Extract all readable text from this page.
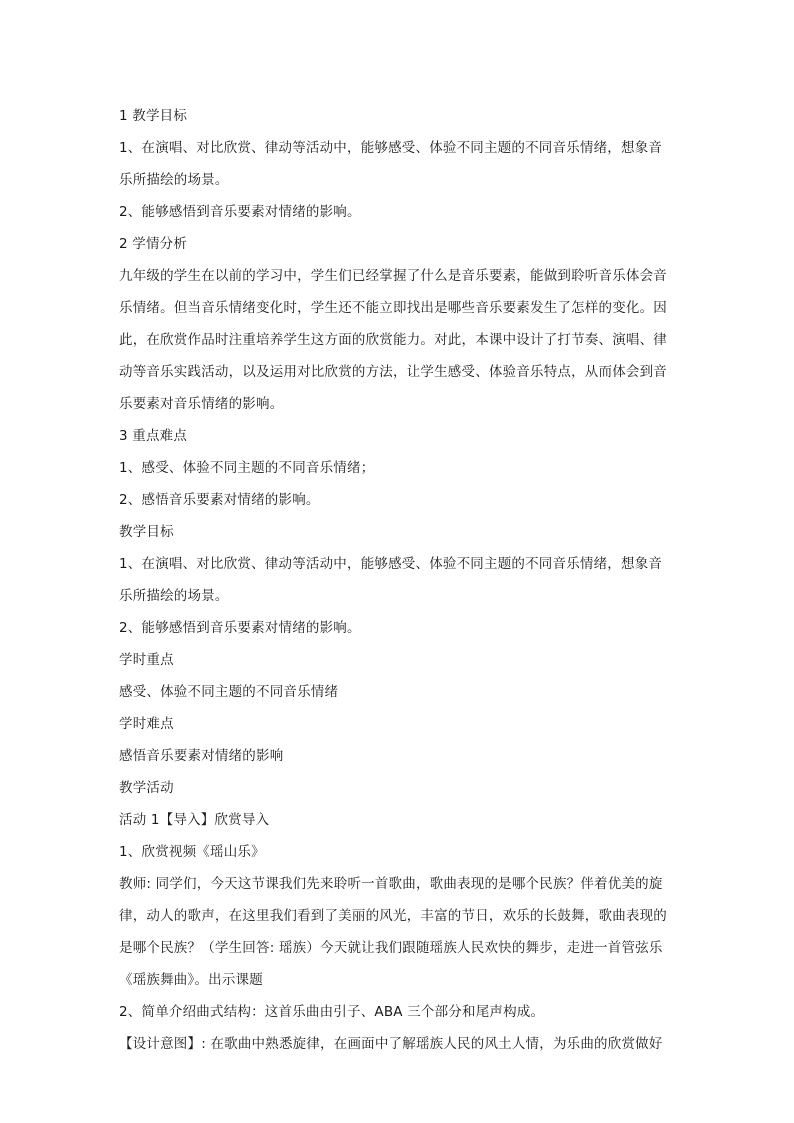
1 教学目标
1、在演唱、对比欣赏、律动等活动中，能够感受、体验不同主题的不同音乐情绪，想象音
乐所描绘的场景。
2、能够感悟到音乐要素对情绪的影响。
2 学情分析
九年级的学生在以前的学习中，学生们已经掌握了什么是音乐要素，能做到聆听音乐体会音
乐情绪。但当音乐情绪变化时，学生还不能立即找出是哪些音乐要素发生了怎样的变化。因
此，在欣赏作品时注重培养学生这方面的欣赏能力。对此，本课中设计了打节奏、演唱、律
动等音乐实践活动，以及运用对比欣赏的方法，让学生感受、体验音乐特点，从而体会到音
乐要素对音乐情绪的影响。
3 重点难点
1、感受、体验不同主题的不同音乐情绪；
2、感悟音乐要素对情绪的影响。
教学目标
1、在演唱、对比欣赏、律动等活动中，能够感受、体验不同主题的不同音乐情绪，想象音
乐所描绘的场景。
2、能够感悟到音乐要素对情绪的影响。
学时重点
感受、体验不同主题的不同音乐情绪
学时难点
感悟音乐要素对情绪的影响
教学活动
活动 1【导入】欣赏导入
1、欣赏视频《瑶山乐》
教师: 同学们，今天这节课我们先来聆听一首歌曲，歌曲表现的是哪个民族？伴着优美的旋
律，动人的歌声，在这里我们看到了美丽的风光，丰富的节日，欢乐的长鼓舞，歌曲表现的
是哪个民族？（学生回答: 瑶族）今天就让我们跟随瑶族人民欢快的舞步，走进一首管弦乐
《瑶族舞曲》。出示课题
2、简单介绍曲式结构：这首乐曲由引子、ABA 三个部分和尾声构成。
【设计意图】: 在歌曲中熟悉旋律，在画面中了解瑶族人民的风土人情，为乐曲的欣赏做好
